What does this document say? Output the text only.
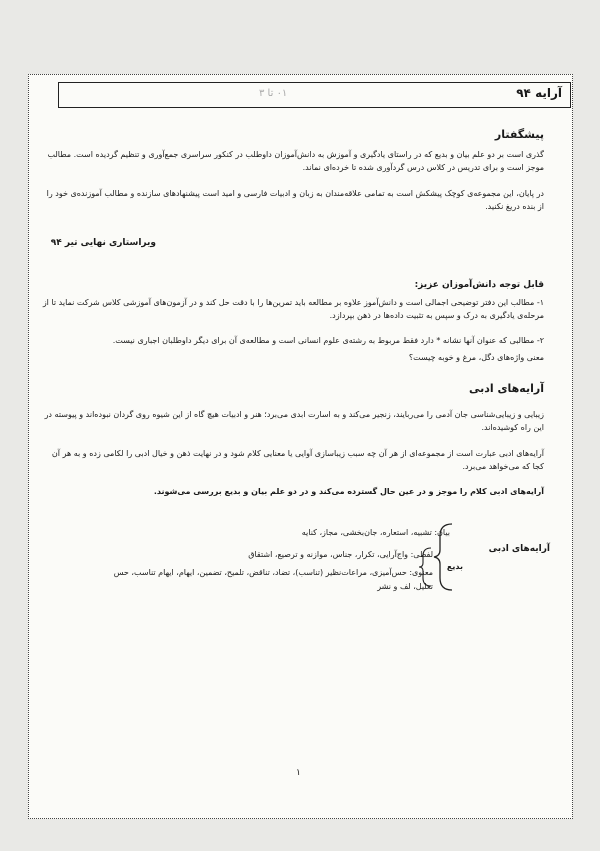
آرایه ۹۴
۰۱ تا ۳
پیشگفتار
گذری است بر دو علم بیان و بدیع که در راستای یادگیری و آموزش به دانش‌آموزان داوطلب در کنکور سراسری جمع‌آوری و تنظیم گردیده است. مطالب موجز است و برای تدریس در کلاس درس گردآوری شده تا خرده‌ای نماند.
در پایان، این مجموعه‌ی کوچک پیشکش است به تمامی علاقه‌مندان به زبان و ادبیات فارسی و امید است پیشنهادهای سازنده و مطالب آموزنده‌ی خود را از بنده دریغ نکنید.
ویراستاری نهایی تیر ۹۴
قابل توجه دانش‌آموزان عزیز:
۱- مطالب این دفتر توضیحی اجمالی است و دانش‌آموز علاوه بر مطالعه باید تمرین‌ها را با دقت حل کند و در آزمون‌های آموزشی کلاس شرکت نماید تا از مرحله‌ی یادگیری به درک و سپس به تثبیت داده‌ها در ذهن بپردازد.
۲- مطالبی که عنوان آنها نشانه * دارد فقط مربوط به رشته‌ی علوم انسانی است و مطالعه‌ی آن برای دیگر داوطلبان اجباری نیست.
معنی واژه‌های دگل، مرغ و خوبه چیست؟
آرایه‌های ادبی
زیبایی و زیبایی‌شناسی جان آدمی را می‌ربایند، زنجیر می‌کند و به اسارت ابدی می‌برد؛ هنر و ادبیات هیچ گاه از این شیوه روی گردان نبوده‌اند و پیوسته در این راه کوشیده‌اند.
آرایه‌های ادبی عبارت است از مجموعه‌ای از هر آن چه سبب زیباسازی آوایی یا معنایی کلام شود و در نهایت ذهن و خیال ادبی را لکامی زده و به هر آن کجا که می‌خواهد می‌برد.
آرایه‌های ادبی کلام را موجز و در عین حال گسترده می‌کند و در دو علم بیان و بدیع بررسی می‌شوند.
آرایه‌های ادبی
بیان: تشبیه، استعاره، جان‌بخشی، مجاز، کنایه
بدیع
لفظی: واج‌آرایی، تکرار، جناس، موازنه و ترصیع، اشتقاق
معنوی: حس‌آمیزی، مراعات‌نظیر (تناسب)، تضاد، تناقض، تلمیح، تضمین، ایهام، ایهام تناسب، حس
تعلیل، لف و نشر
۱
